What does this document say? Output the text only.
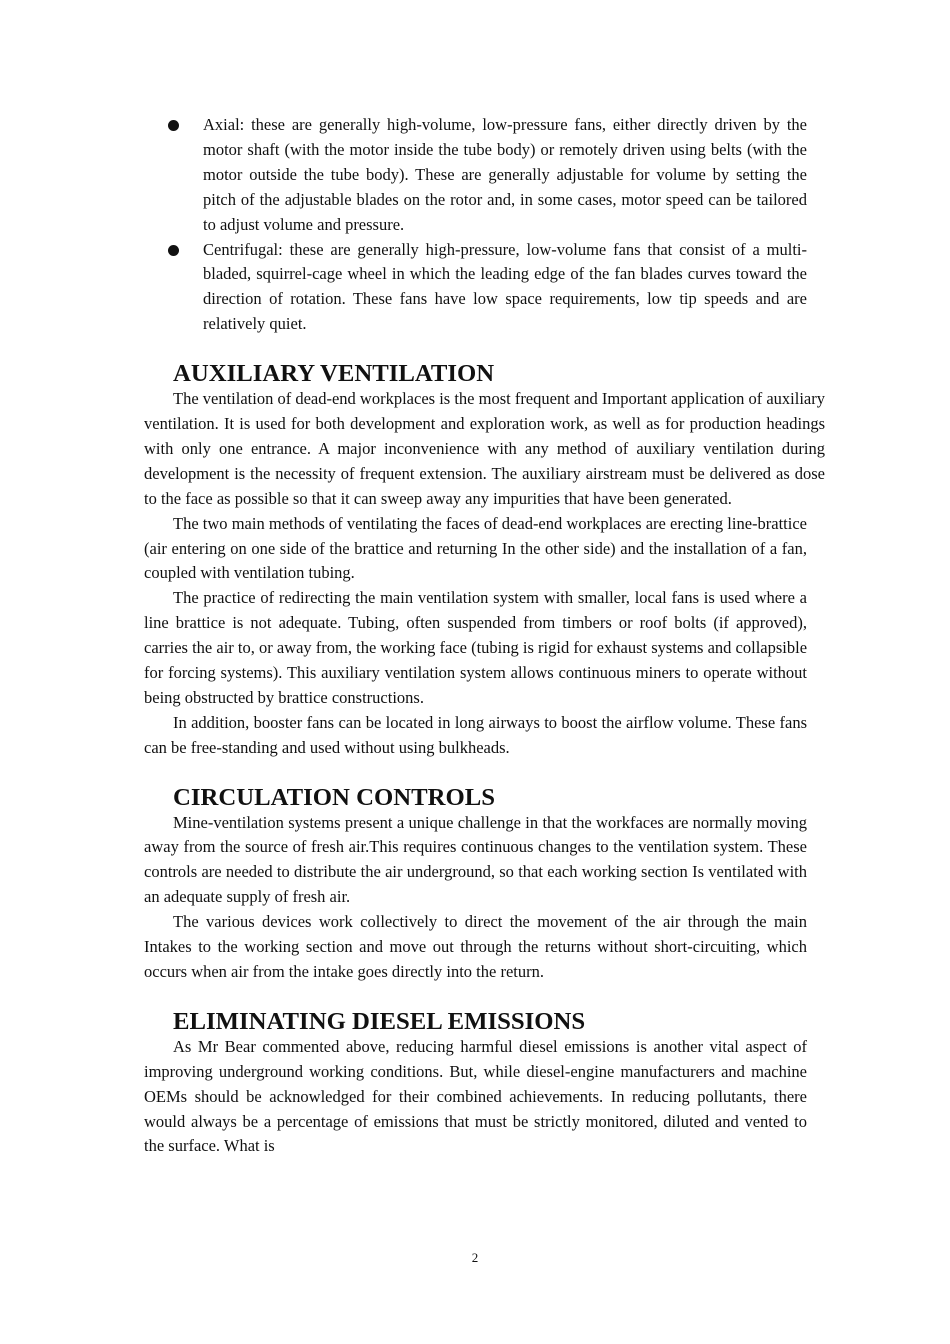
Axial: these are generally high-volume, low-pressure fans, either directly driven by the motor shaft (with the motor inside the tube body) or remotely driven using belts (with the motor outside the tube body). These are generally adjustable for volume by setting the pitch of the adjustable blades on the rotor and, in some cases, motor speed can be tailored to adjust volume and pressure.
Centrifugal: these are generally high-pressure, low-volume fans that consist of a multi-bladed, squirrel-cage wheel in which the leading edge of the fan blades curves toward the direction of rotation. These fans have low space requirements, low tip speeds and are relatively quiet.
AUXILIARY VENTILATION

The ventilation of dead-end workplaces is the most frequent and Important application of auxiliary ventilation. It is used for both development and exploration work, as well as for production headings with only one entrance. A major inconvenience with any method of auxiliary ventilation during development is the necessity of frequent extension. The auxiliary airstream must be delivered as dose to the face as possible so that it can sweep away any impurities that have been generated.

The two main methods of ventilating the faces of dead-end workplaces are erecting line-brattice (air entering on one side of the brattice and returning In the other side) and the installation of a fan, coupled with ventilation tubing.

The practice of redirecting the main ventilation system with smaller, local fans is used where a line brattice is not adequate. Tubing, often suspended from timbers or roof bolts (if approved), carries the air to, or away from, the working face (tubing is rigid for exhaust systems and collapsible for forcing systems). This auxiliary ventilation system allows continuous miners to operate without being obstructed by brattice constructions.

In addition, booster fans can be located in long airways to boost the airflow volume. These fans can be free-standing and used without using bulkheads.

CIRCULATION CONTROLS

Mine-ventilation systems present a unique challenge in that the workfaces are normally moving away from the source of fresh air.This requires continuous changes to the ventilation system. These controls are needed to distribute the air underground, so that each working section Is ventilated with an adequate supply of fresh air.

The various devices work collectively to direct the movement of the air through the main Intakes to the working section and move out through the returns without short-circuiting, which occurs when air from the intake goes directly into the return.

ELIMINATING DIESEL EMISSIONS

As Mr Bear commented above, reducing harmful diesel emissions is another vital aspect of improving underground working conditions. But, while diesel-engine manufacturers and machine OEMs should be acknowledged for their combined achievements. In reducing pollutants, there would always be a percentage of emissions that must be strictly monitored, diluted and vented to the surface. What is

2
